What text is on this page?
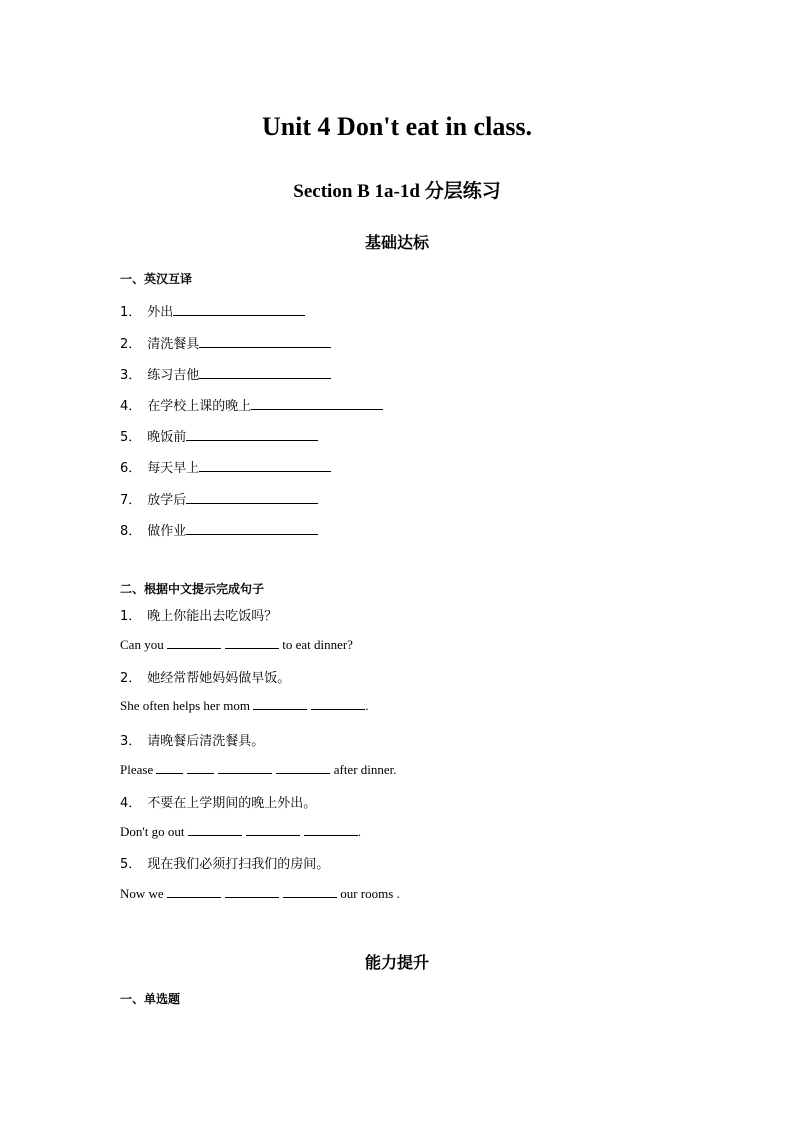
Unit 4 Don't eat in class.
Section B 1a-1d 分层练习
基础达标
一、英汉互译
1． 外出
2． 清洗餐具
3． 练习吉他
4． 在学校上课的晚上
5． 晚饭前
6． 每天早上
7． 放学后
8． 做作业
二、根据中文提示完成句子
1． 晚上你能出去吃饭吗？
Can you	to eat dinner?
2． 她经常帮她妈妈做早饭。
She often helps her mom	.
3． 请晚餐后清洗餐具。
Please	after dinner.
4． 不要在上学期间的晚上外出。
Don't go out	.
5． 现在我们必须打扫我们的房间。
Now we	our rooms .
能力提升
一、单选题
